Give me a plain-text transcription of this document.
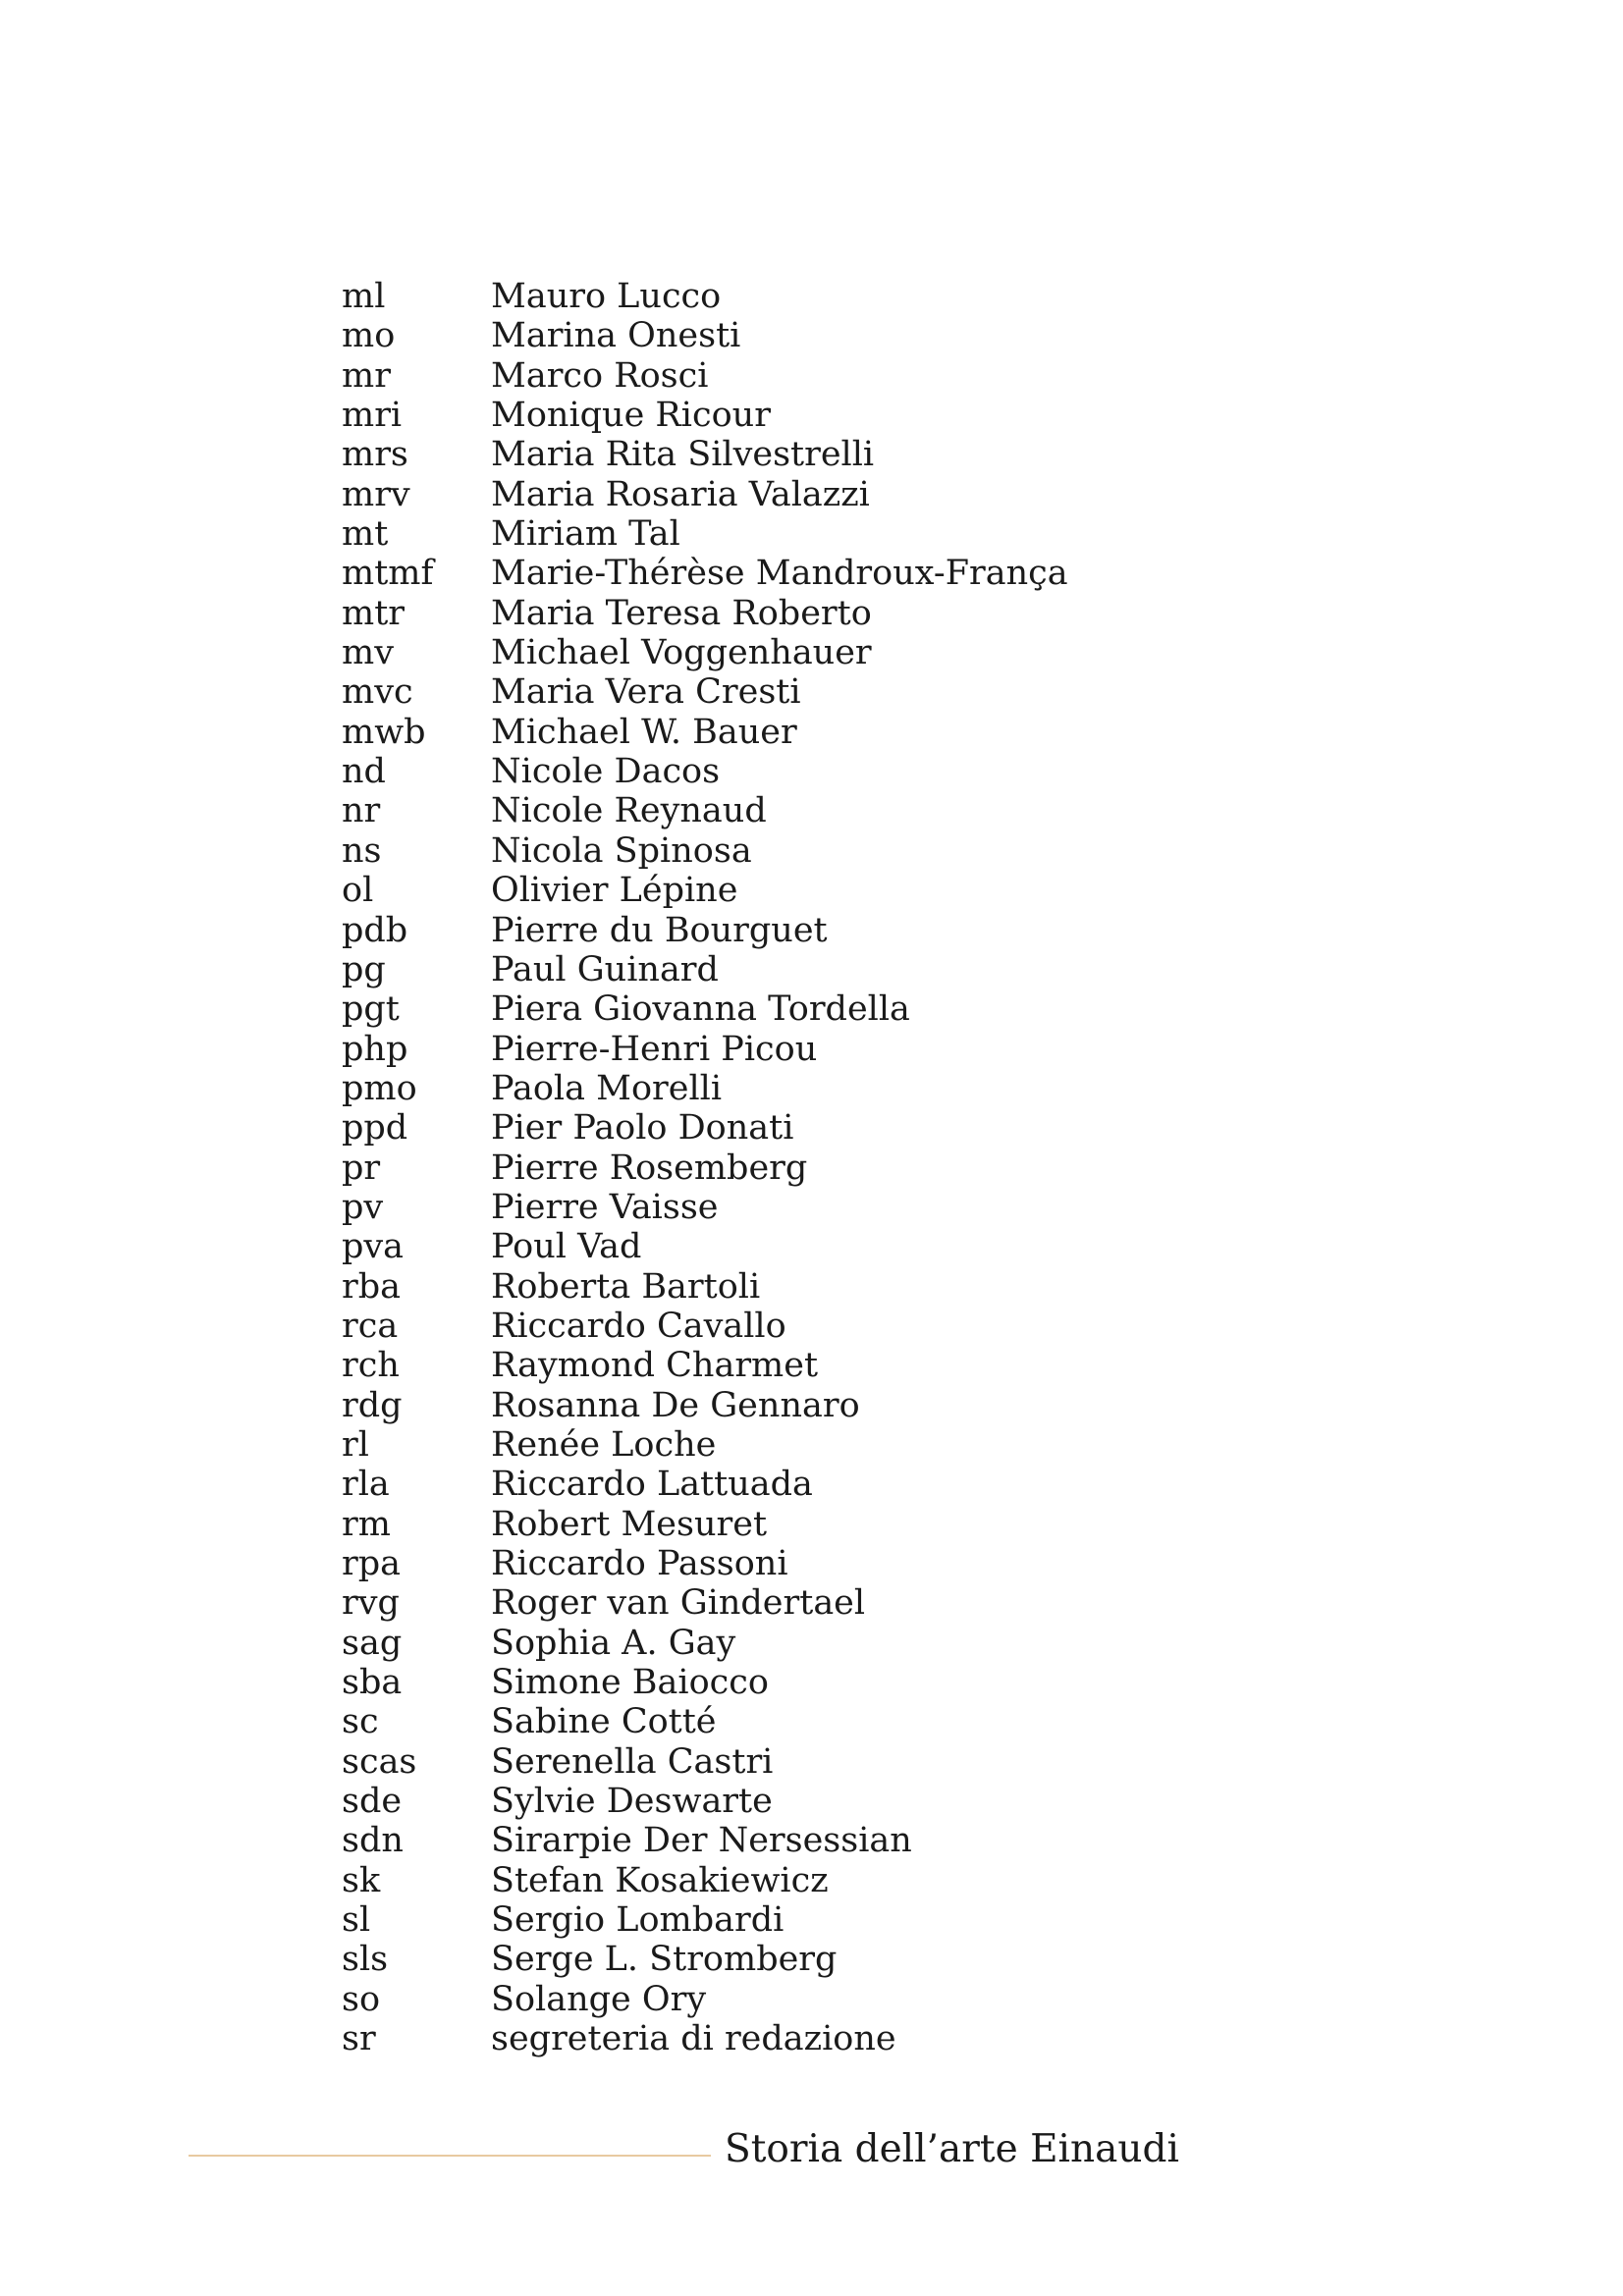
ml	Mauro Lucco
mo	Marina Onesti
mr	Marco Rosci
mri	Monique Ricour
mrs	Maria Rita Silvestrelli
mrv	Maria Rosaria Valazzi
mt	Miriam Tal
mtmf	Marie-Thérèse Mandroux-França
mtr	Maria Teresa Roberto
mv	Michael Voggenhauer
mvc	Maria Vera Cresti
mwb	Michael W. Bauer
nd	Nicole Dacos
nr	Nicole Reynaud
ns	Nicola Spinosa
ol	Olivier Lépine
pdb	Pierre du Bourguet
pg	Paul Guinard
pgt	Piera Giovanna Tordella
php	Pierre-Henri Picou
pmo	Paola Morelli
ppd	Pier Paolo Donati
pr	Pierre Rosemberg
pv	Pierre Vaisse
pva	Poul Vad
rba	Roberta Bartoli
rca	Riccardo Cavallo
rch	Raymond Charmet
rdg	Rosanna De Gennaro
rl	Renée Loche
rla	Riccardo Lattuada
rm	Robert Mesuret
rpa	Riccardo Passoni
rvg	Roger van Gindertael
sag	Sophia A. Gay
sba	Simone Baiocco
sc	Sabine Cotté
scas	Serenella Castri
sde	Sylvie Deswarte
sdn	Sirarpie Der Nersessian
sk	Stefan Kosakiewicz
sl	Sergio Lombardi
sls	Serge L. Stromberg
so	Solange Ory
sr	segreteria di redazione
Storia dell’arte Einaudi
